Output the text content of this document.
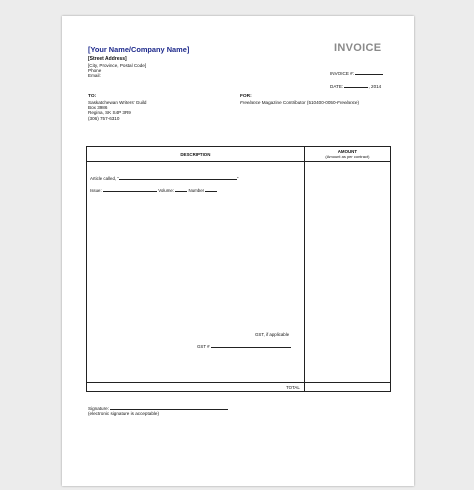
[Your Name/Company Name]
[Street Address]
[City, Province, Postal Code]
Phone
Email:
INVOICE
INVOICE #:
DATE:	, 2014
TO:
Saskatchewan Writers' Guild
Box 3986
Regina, SK S4P 3R9
(306) 757-6310
FOR:
Freelance Magazine Contributor (510400-0050-Freelance)
DESCRIPTION	AMOUNT
(Amount as per contract)

Article called, " "
Issue: Volume: Number
GST, if applicable
GST #	

TOTAL	
Signature:
(electronic signature is acceptable)
